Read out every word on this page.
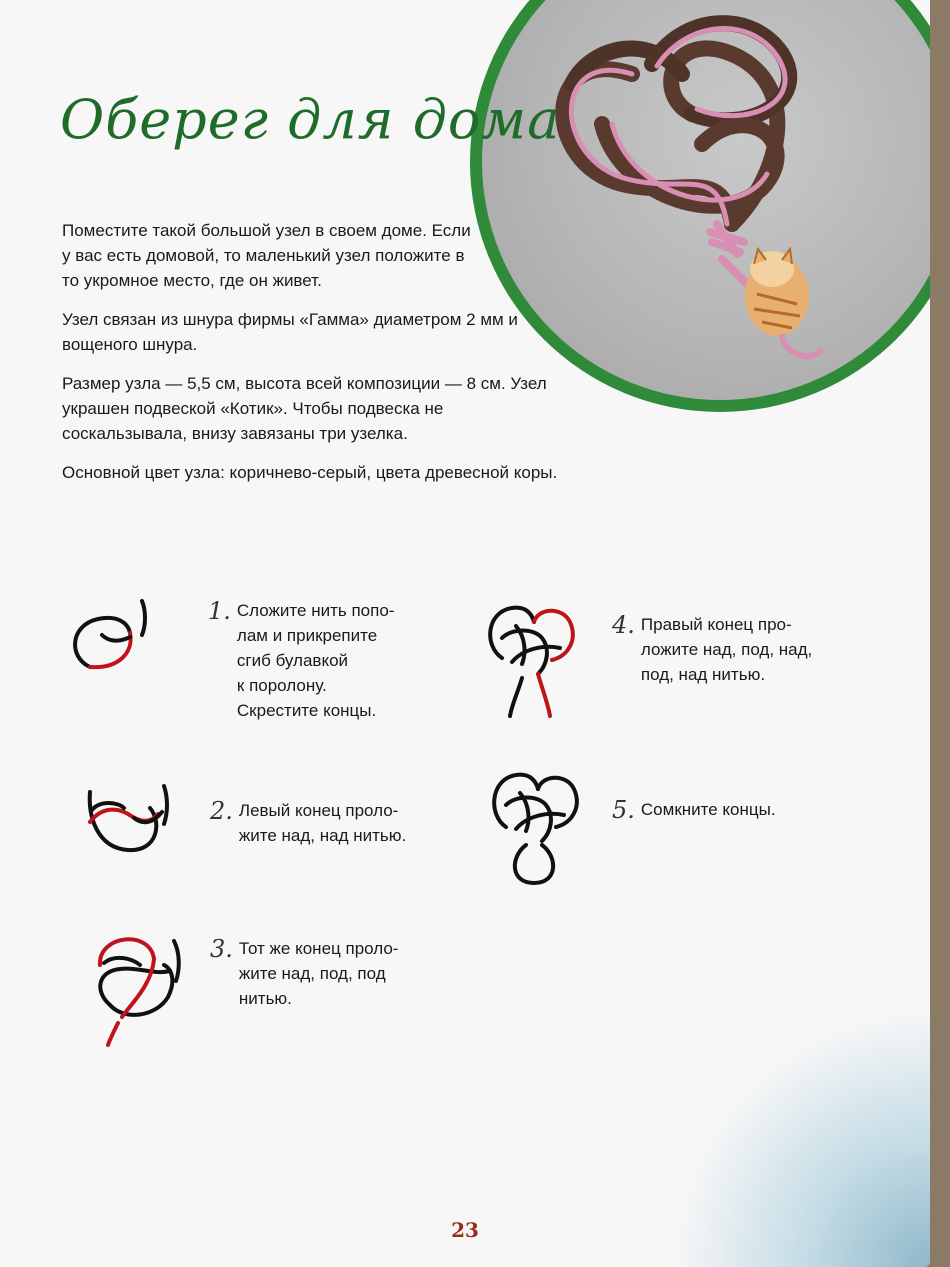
Оберег для дома

Поместите такой большой узел в своем доме. Если у вас есть домовой, то маленький узел положите в то укромное место, где он живет.

Узел связан из шнура фирмы «Гамма» диаметром 2 мм и вощеного шнура.

Размер узла — 5,5 см, высота всей композиции — 8 см. Узел украшен подвеской «Котик». Чтобы подвеска не соскальзывала, внизу завязаны три узелка.

Основной цвет узла: коричнево-серый, цвета древесной коры.

1. Сложите нить попо-
лам и прикрепите
сгиб булавкой
к поролону.
Скрестите концы.
2. Левый конец проло-
жите над, над нитью.
3. Тот же конец проло-
жите над, под, под
нитью.
4. Правый конец про-
ложите над, под, над,
под, над нитью.
5. Сомкните концы.
23
